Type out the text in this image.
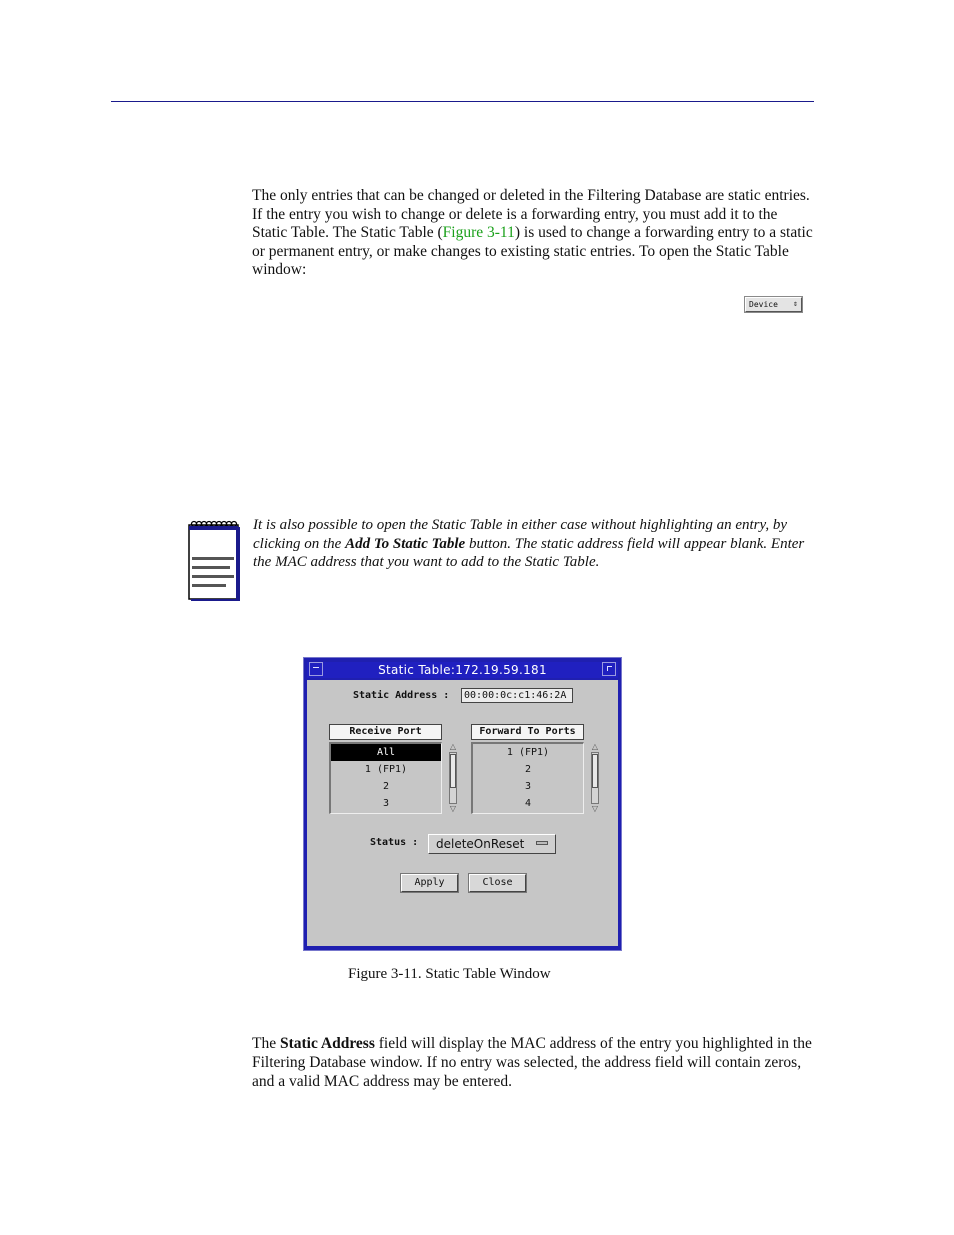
The only entries that can be changed or deleted in the Filtering Database are static entries. If the entry you wish to change or delete is a forwarding entry, you must add it to the Static Table. The Static Table (Figure 3-11) is used to change a forwarding entry to a static or permanent entry, or make changes to existing static entries. To open the Static Table window:

Device ⇕

It is also possible to open the Static Table in either case without highlighting an entry, by clicking on the Add To Static Table button. The static address field will appear blank. Enter the MAC address that you want to add to the Static Table.

Static Table:172.19.59.181
Static Address :	00:00:0c:c1:46:2A
Receive Port	Forward To Ports
All
1 (FP1)
2
3
△
▽
1 (FP1)
2
3
4
△
▽
Status : deleteOnReset
Apply	Close

Figure 3-11. Static Table Window

The Static Address field will display the MAC address of the entry you highlighted in the Filtering Database window. If no entry was selected, the address field will contain zeros, and a valid MAC address may be entered.
